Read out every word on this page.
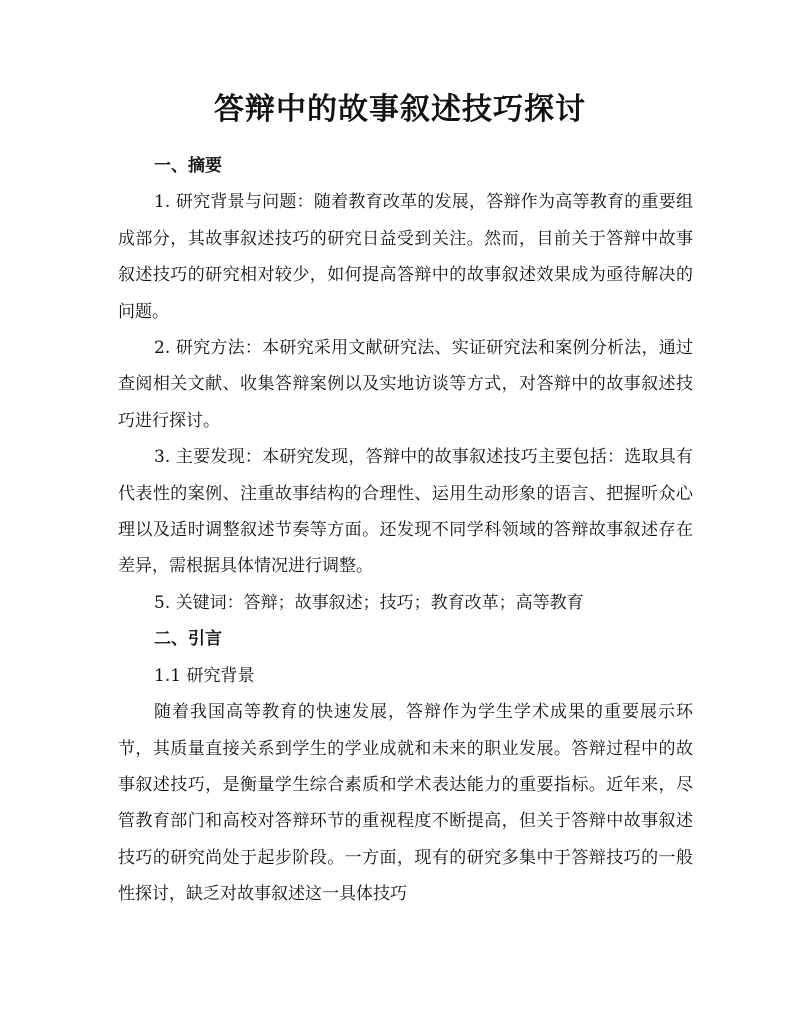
答辩中的故事叙述技巧探讨
一、摘要

1. 研究背景与问题：随着教育改革的发展，答辩作为高等教育的重要组成部分，其故事叙述技巧的研究日益受到关注。然而，目前关于答辩中故事叙述技巧的研究相对较少，如何提高答辩中的故事叙述效果成为亟待解决的问题。

2. 研究方法：本研究采用文献研究法、实证研究法和案例分析法，通过查阅相关文献、收集答辩案例以及实地访谈等方式，对答辩中的故事叙述技巧进行探讨。

3. 主要发现：本研究发现，答辩中的故事叙述技巧主要包括：选取具有代表性的案例、注重故事结构的合理性、运用生动形象的语言、把握听众心理以及适时调整叙述节奏等方面。还发现不同学科领域的答辩故事叙述存在差异，需根据具体情况进行调整。

5. 关键词：答辩；故事叙述；技巧；教育改革；高等教育

二、引言

1.1 研究背景

随着我国高等教育的快速发展，答辩作为学生学术成果的重要展示环节，其质量直接关系到学生的学业成就和未来的职业发展。答辩过程中的故事叙述技巧，是衡量学生综合素质和学术表达能力的重要指标。近年来，尽管教育部门和高校对答辩环节的重视程度不断提高，但关于答辩中故事叙述技巧的研究尚处于起步阶段。一方面，现有的研究多集中于答辩技巧的一般性探讨，缺乏对故事叙述这一具体技巧
